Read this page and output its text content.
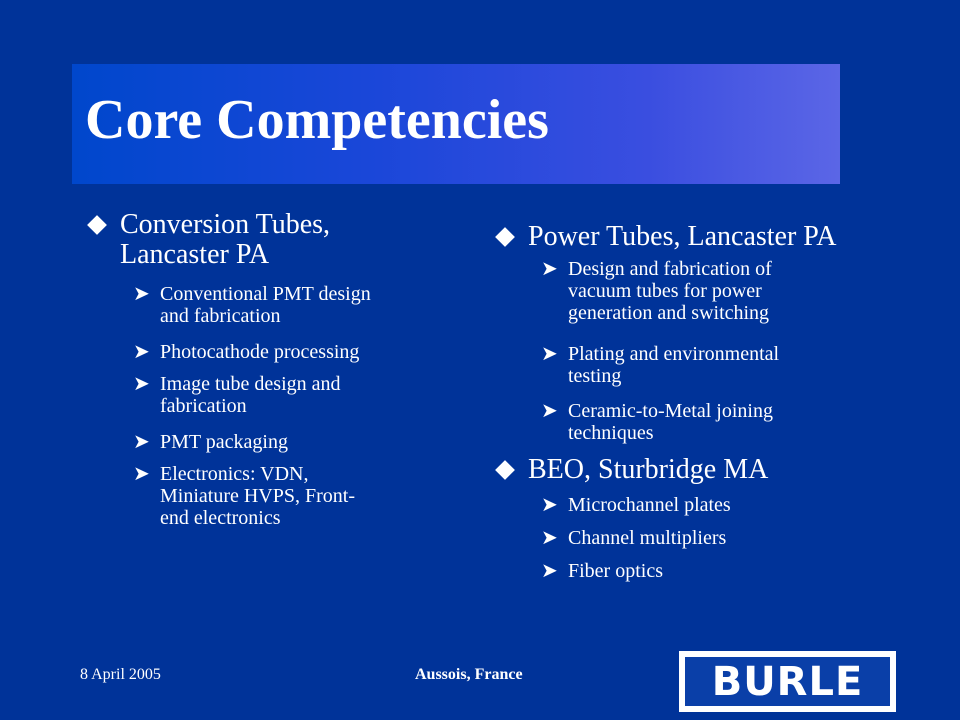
Core Competencies
Conversion Tubes,
Lancaster PA
➤ Conventional PMT design
and fabrication
➤ Photocathode processing
➤ Image tube design and
fabrication
➤ PMT packaging
➤ Electronics: VDN,
Miniature HVPS, Front-
end electronics
Power Tubes, Lancaster PA
➤ Design and fabrication of
vacuum tubes for power
generation and switching
➤ Plating and environmental
testing
➤ Ceramic-to-Metal joining
techniques
BEO, Sturbridge MA
➤ Microchannel plates
➤ Channel multipliers
➤ Fiber optics
8 April 2005	Aussois, France	BURLE
